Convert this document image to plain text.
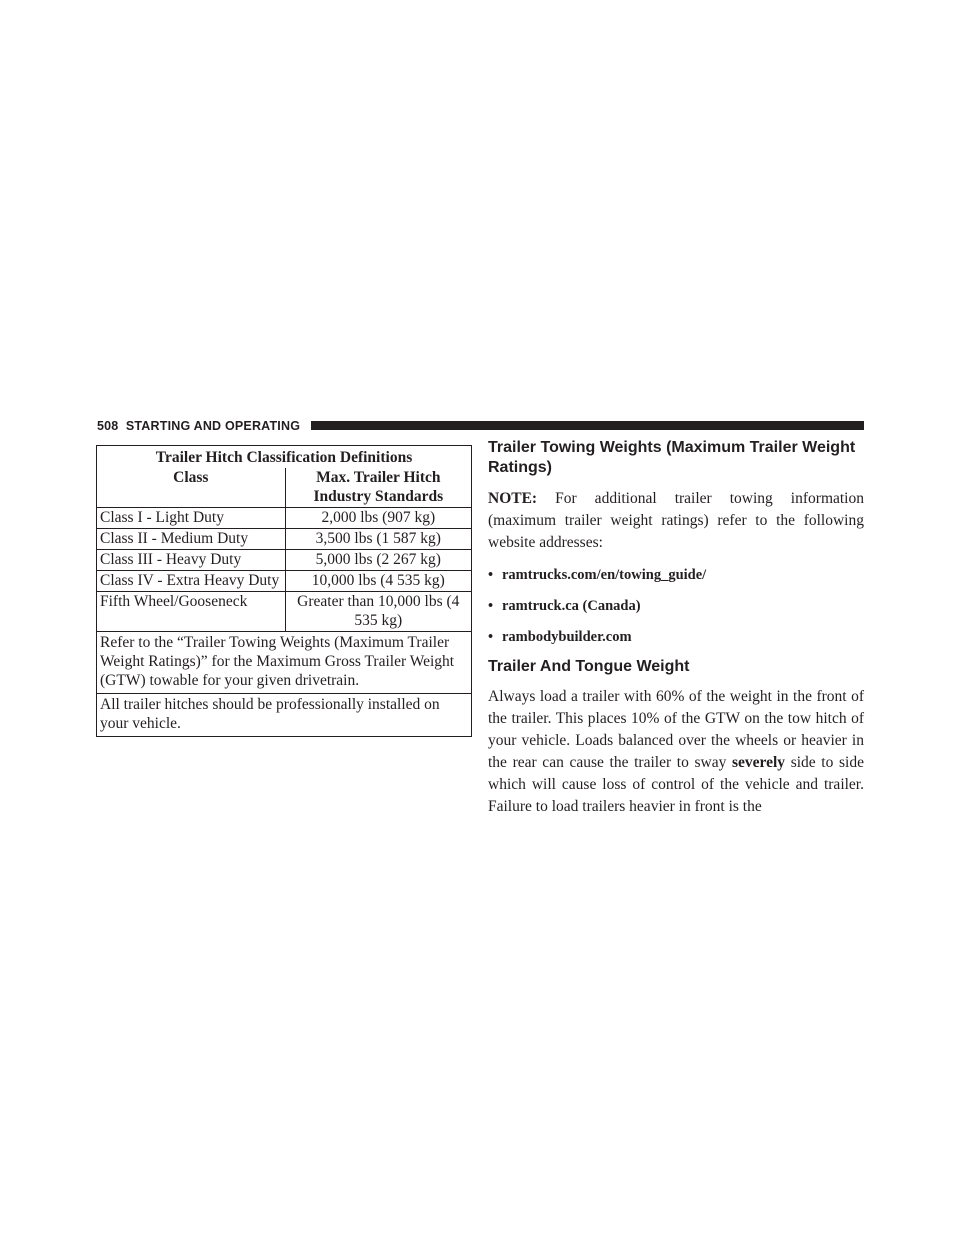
508 STARTING AND OPERATING
Trailer Hitch Classification Definitions	
Class	Max. Trailer Hitch Industry Standards
Class I - Light Duty	2,000 lbs (907 kg)
Class II - Medium Duty	3,500 lbs (1 587 kg)
Class III - Heavy Duty	5,000 lbs (2 267 kg)
Class IV - Extra Heavy Duty	10,000 lbs (4 535 kg)
Fifth Wheel/Gooseneck	Greater than 10,000 lbs (4 535 kg)
Refer to the “Trailer Towing Weights (Maximum Trailer Weight Ratings)” for the Maximum Gross Trailer Weight (GTW) towable for your given drivetrain.	
All trailer hitches should be professionally installed on your vehicle.	
Trailer Towing Weights (Maximum Trailer Weight Ratings)

NOTE: For additional trailer towing information (maximum trailer weight ratings) refer to the following website addresses:

• ramtrucks.com/en/towing_guide/
• ramtruck.ca (Canada)
• rambodybuilder.com
Trailer And Tongue Weight

Always load a trailer with 60% of the weight in the front of the trailer. This places 10% of the GTW on the tow hitch of your vehicle. Loads balanced over the wheels or heavier in the rear can cause the trailer to sway severely side to side which will cause loss of control of the vehicle and trailer. Failure to load trailers heavier in front is the
